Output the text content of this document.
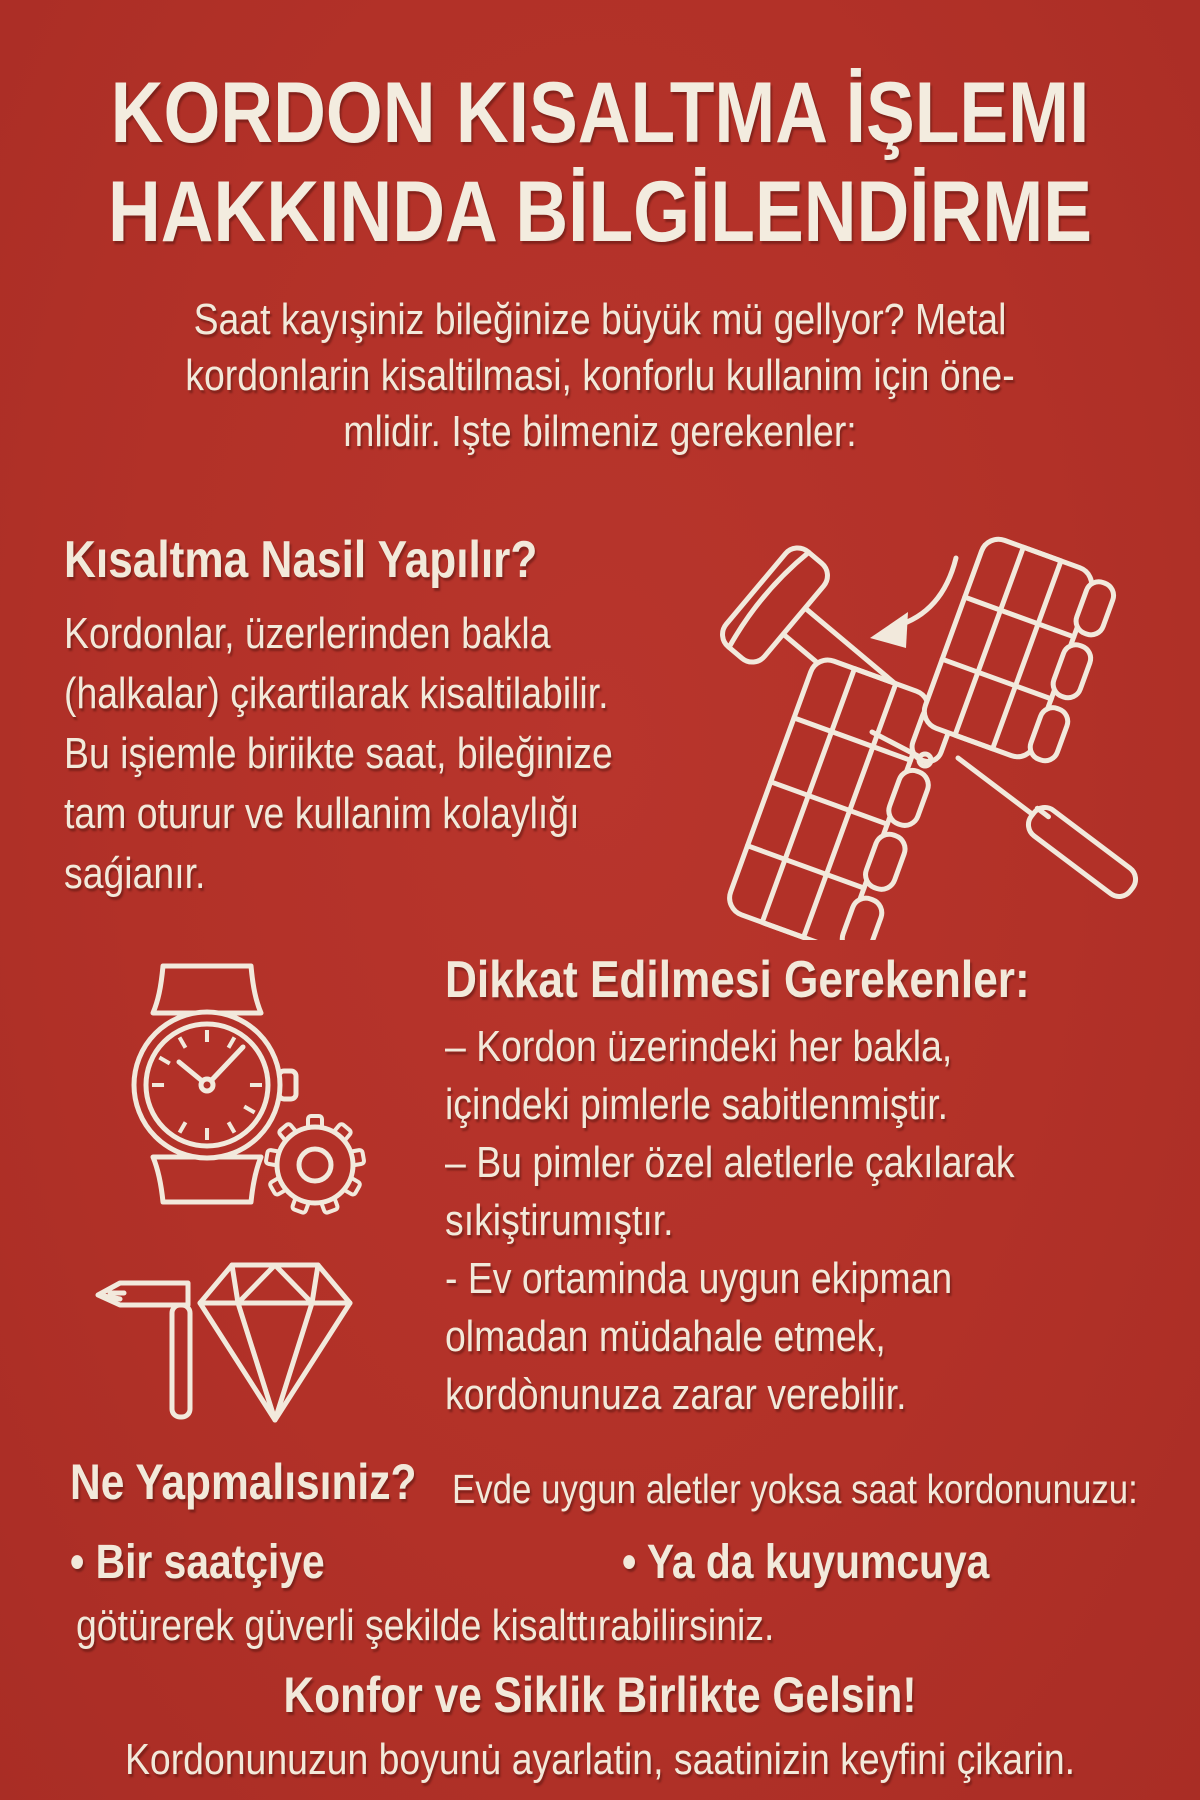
KORDON KISALTMA İŞLEMI
HAKKINDA BİLGİLENDİRME
Saat kayışiniz bileğinize büyük mü gellyor? Metal
kordonlarin kisaltilmasi, konforlu kullanim için öne-
mlidir. Işte bilmeniz gerekenler:
Kısaltma Nasil Yapılır?
Kordonlar, üzerlerinden bakla
(halkalar) çikartilarak kisaltilabilir.
Bu işiemle biriikte saat, bileğinize
tam oturur ve kullanim kolaylığı
saǵianır.
Dikkat Edilmesi Gerekenler:
– Kordon üzerindeki her bakla,
içindeki pimlerle sabitlenmiştir.
– Bu pimler özel aletlerle çakılarak
sıkiştirumıştır.
- Ev ortaminda uygun ekipman
olmadan müdahale etmek,
kordònunuza zarar verebilir.
Ne Yapmalısıniz? Evde uygun aletler yoksa saat kordonunuzu:
• Bir saatçiye	• Ya da kuyumcuya
götürerek güverli şekilde kisalttırabilirsiniz.
Konfor ve Siklik Birlikte Gelsin!
Kordonunuzun boyunu̇ ayarlatin, saatinizin keyfini çikarin.
